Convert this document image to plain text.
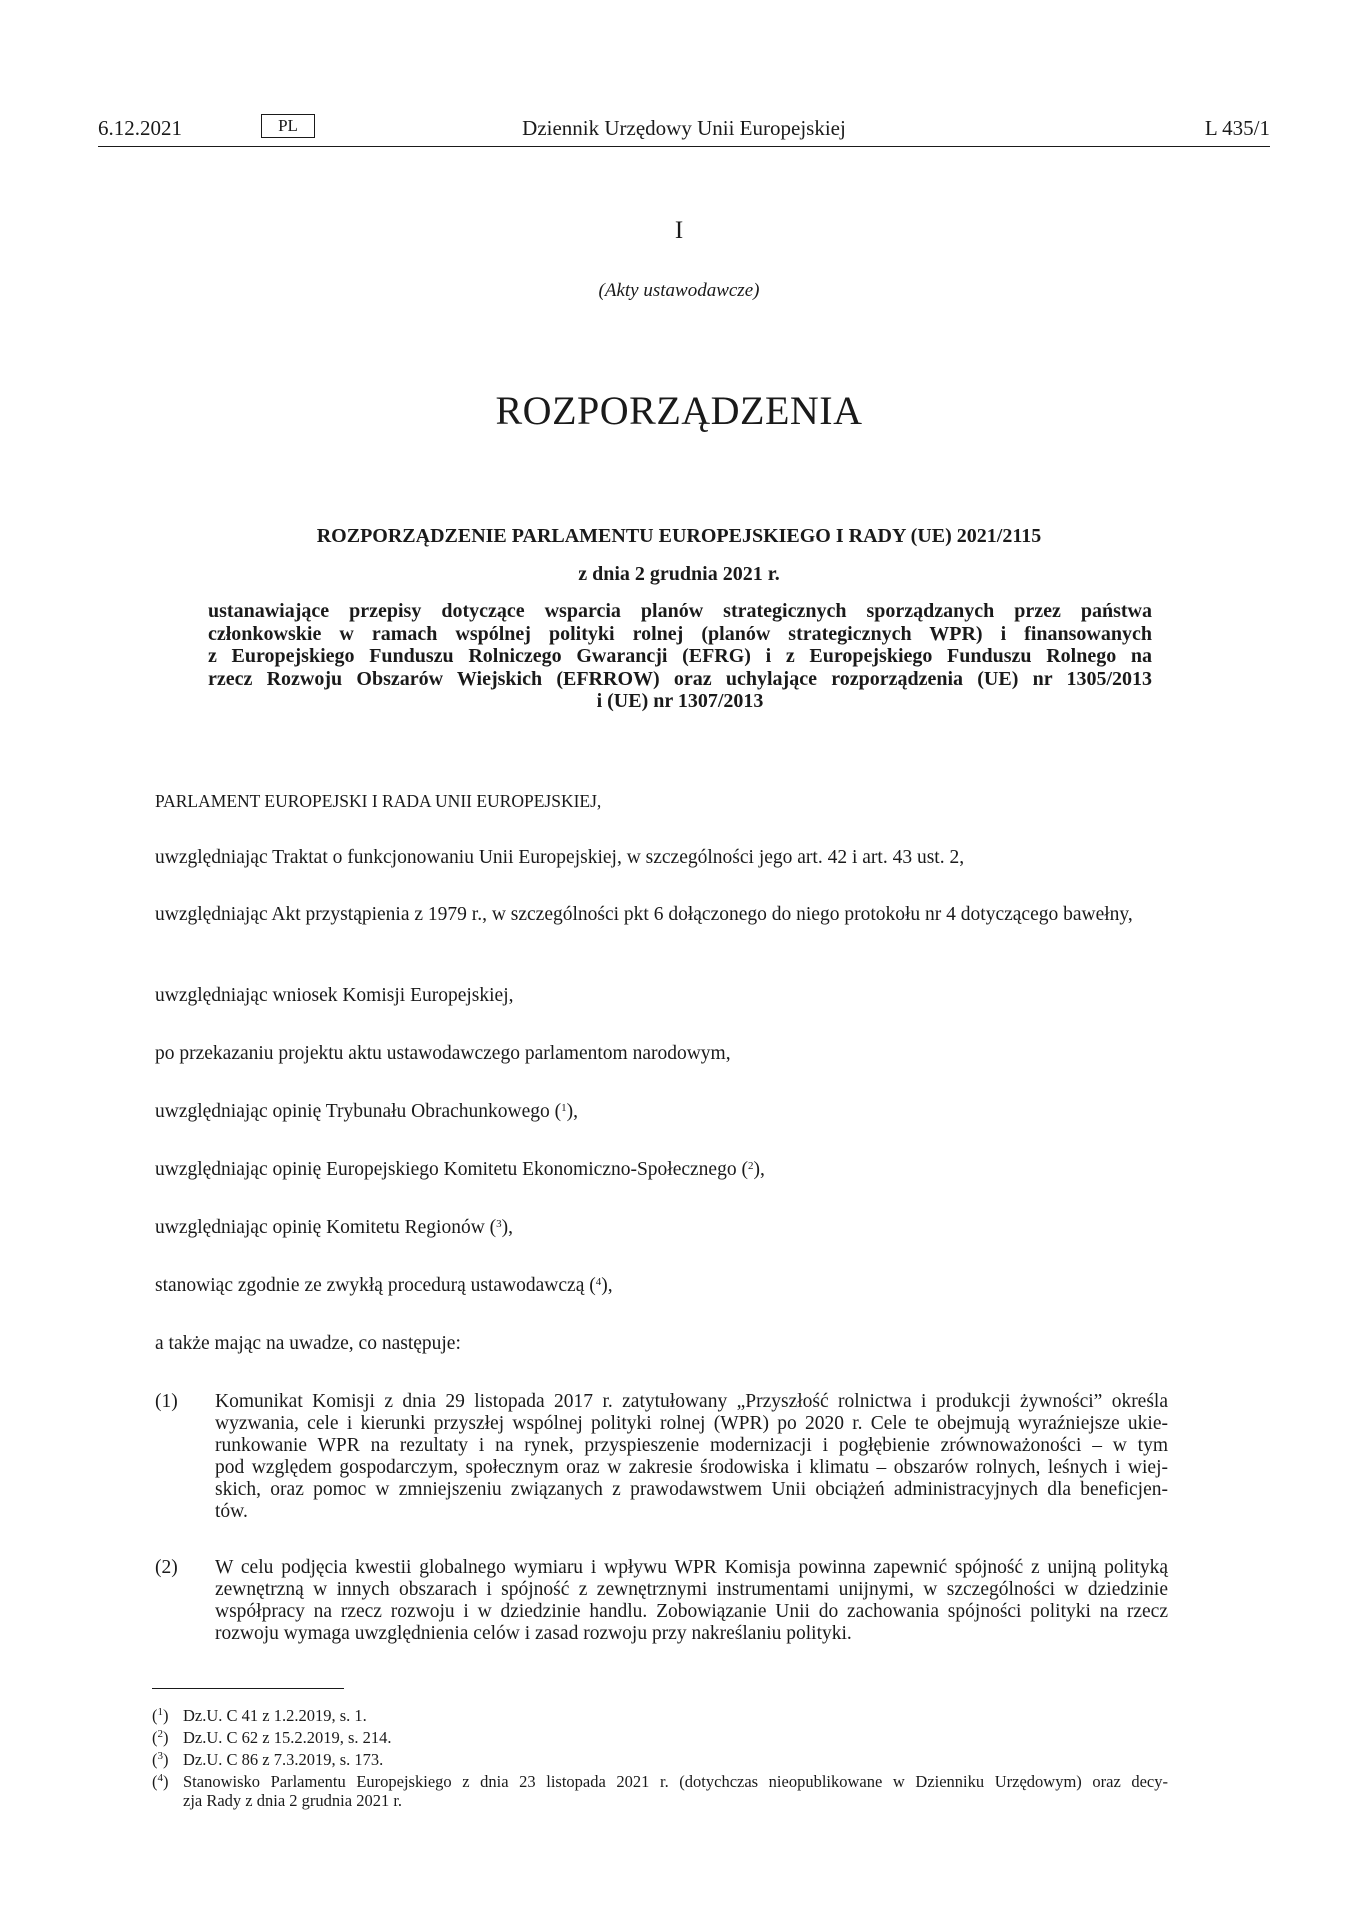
6.12.2021	PL	Dziennik Urzędowy Unii Europejskiej	L 435/1
I
(Akty ustawodawcze)
ROZPORZĄDZENIA
ROZPORZĄDZENIE PARLAMENTU EUROPEJSKIEGO I RADY (UE) 2021/2115
z dnia 2 grudnia 2021 r.
ustanawiające przepisy dotyczące wsparcia planów strategicznych sporządzanych przez państwa
członkowskie w ramach wspólnej polityki rolnej (planów strategicznych WPR) i finansowanych
z Europejskiego Funduszu Rolniczego Gwarancji (EFRG) i z Europejskiego Funduszu Rolnego na
rzecz Rozwoju Obszarów Wiejskich (EFRROW) oraz uchylające rozporządzenia (UE) nr 1305/2013
i (UE) nr 1307/2013
PARLAMENT EUROPEJSKI I RADA UNII EUROPEJSKIEJ,
uwzględniając Traktat o funkcjonowaniu Unii Europejskiej, w szczególności jego art. 42 i art. 43 ust. 2,
uwzględniając Akt przystąpienia z 1979 r., w szczególności pkt 6 dołączonego do niego protokołu nr 4 dotyczącego bawełny,
uwzględniając wniosek Komisji Europejskiej,
po przekazaniu projektu aktu ustawodawczego parlamentom narodowym,
uwzględniając opinię Trybunału Obrachunkowego ($^1$),
uwzględniając opinię Europejskiego Komitetu Ekonomiczno-Społecznego ($^2$),
uwzględniając opinię Komitetu Regionów ($^3$),
stanowiąc zgodnie ze zwykłą procedurą ustawodawczą ($^4$),
a także mając na uwadze, co następuje:
(1) Komunikat Komisji z dnia 29 listopada 2017 r. zatytułowany „Przyszłość rolnictwa i produkcji żywności” określa
wyzwania, cele i kierunki przyszłej wspólnej polityki rolnej (WPR) po 2020 r. Cele te obejmują wyraźniejsze ukie-
runkowanie WPR na rezultaty i na rynek, przyspieszenie modernizacji i pogłębienie zrównoważoności – w tym
pod względem gospodarczym, społecznym oraz w zakresie środowiska i klimatu – obszarów rolnych, leśnych i wiej-
skich, oraz pomoc w zmniejszeniu związanych z prawodawstwem Unii obciążeń administracyjnych dla beneficjen-
tów.
(2) W celu podjęcia kwestii globalnego wymiaru i wpływu WPR Komisja powinna zapewnić spójność z unijną polityką
zewnętrzną w innych obszarach i spójność z zewnętrznymi instrumentami unijnymi, w szczególności w dziedzinie
współpracy na rzecz rozwoju i w dziedzinie handlu. Zobowiązanie Unii do zachowania spójności polityki na rzecz
rozwoju wymaga uwzględnienia celów i zasad rozwoju przy nakreślaniu polityki.
($^1$) Dz.U. C 41 z 1.2.2019, s. 1.
($^2$) Dz.U. C 62 z 15.2.2019, s. 214.
($^3$) Dz.U. C 86 z 7.3.2019, s. 173.
($^4$) Stanowisko Parlamentu Europejskiego z dnia 23 listopada 2021 r. (dotychczas nieopublikowane w Dzienniku Urzędowym) oraz decy-
zja Rady z dnia 2 grudnia 2021 r.
